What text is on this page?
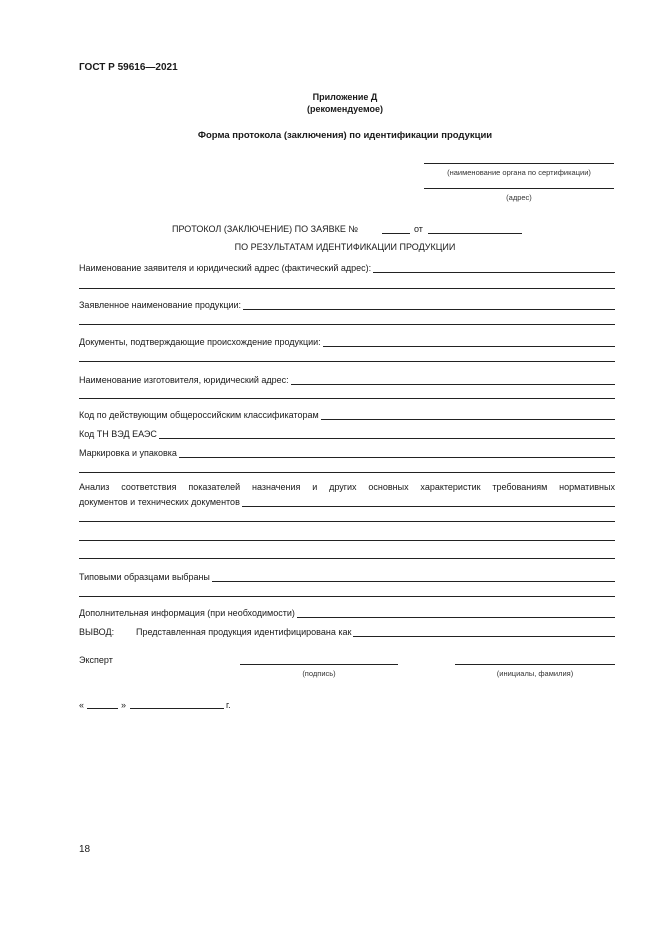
ГОСТ Р 59616—2021
Приложение Д
(рекомендуемое)
Форма протокола (заключения) по идентификации продукции
(наименование органа по сертификации)
(адрес)
ПРОТОКОЛ (ЗАКЛЮЧЕНИЕ) ПО ЗАЯВКЕ №	от
ПО РЕЗУЛЬТАТАМ ИДЕНТИФИКАЦИИ ПРОДУКЦИИ
Наименование заявителя и юридический адрес (фактический адрес):
Заявленное наименование продукции:
Документы, подтверждающие происхождение продукции:
Наименование изготовителя, юридический адрес:
Код по действующим общероссийским классификаторам
Код ТН ВЭД ЕАЭС
Маркировка и упаковка
Анализ соответствия показателей назначения и других основных характеристик требованиям нормативных
документов и технических документов
Типовыми образцами выбраны
Дополнительная информация (при необходимости)
ВЫВОД:	Представленная продукция идентифицирована как
Эксперт
(подпись)	(инициалы, фамилия)
«	»	г.
18
